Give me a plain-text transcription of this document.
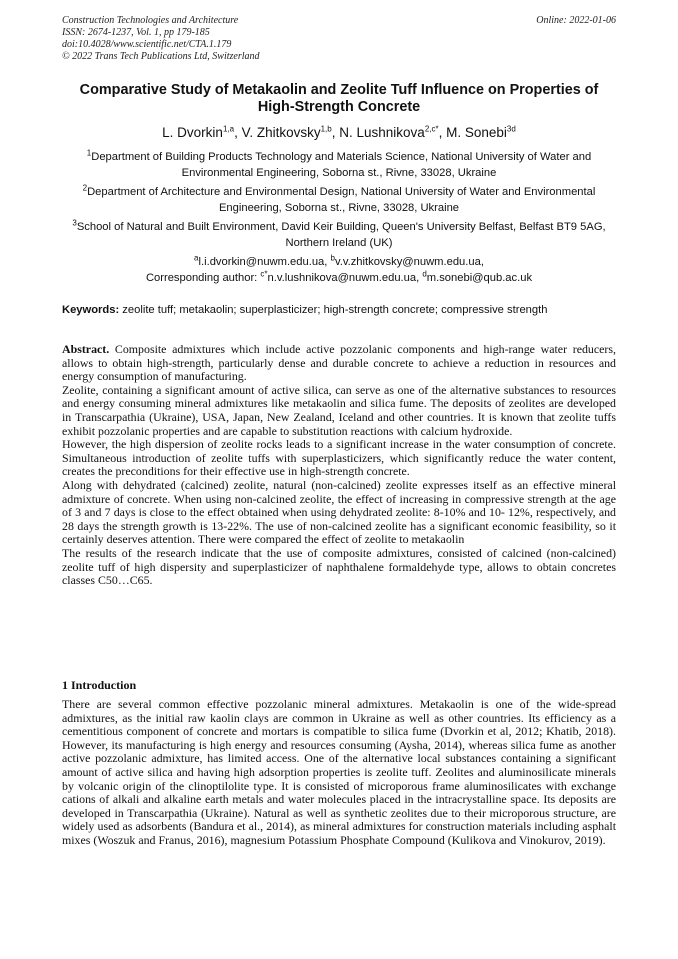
Construction Technologies and Architecture
ISSN: 2674-1237, Vol. 1, pp 179-185
doi:10.4028/www.scientific.net/CTA.1.179
© 2022 Trans Tech Publications Ltd, Switzerland
Online: 2022-01-06
Comparative Study of Metakaolin and Zeolite Tuff Influence on Properties of High-Strength Concrete
L. Dvorkin$^{1,a}$, V. Zhitkovsky$^{1,b}$, N. Lushnikova$^{2,c*}$, M. Sonebi$^{3d}$
$^1$Department of Building Products Technology and Materials Science, National University of Water and Environmental Engineering, Soborna st., Rivne, 33028, Ukraine
$^2$Department of Architecture and Environmental Design, National University of Water and Environmental Engineering, Soborna st., Rivne, 33028, Ukraine
$^3$School of Natural and Built Environment, David Keir Building, Queen's University Belfast, Belfast BT9 5AG, Northern Ireland (UK)
$^a$l.i.dvorkin@nuwm.edu.ua, $^b$v.v.zhitkovsky@nuwm.edu.ua,
Corresponding author: $^{c*}$n.v.lushnikova@nuwm.edu.ua, $^d$m.sonebi@qub.ac.uk
Keywords: zeolite tuff; metakaolin; superplasticizer; high-strength concrete; compressive strength

Abstract. Composite admixtures which include active pozzolanic components and high-range water reducers, allows to obtain high-strength, particularly dense and durable concrete to achieve a reduction in resources and energy consumption of manufacturing.

Zeolite, containing a significant amount of active silica, can serve as one of the alternative substances to resources and energy consuming mineral admixtures like metakaolin and silica fume. The deposits of zeolites are developed in Transcarpathia (Ukraine), USA, Japan, New Zealand, Iceland and other countries. It is known that zeolite tuffs exhibit pozzolanic properties and are capable to substitution reactions with calcium hydroxide.

However, the high dispersion of zeolite rocks leads to a significant increase in the water consumption of concrete. Simultaneous introduction of zeolite tuffs with superplasticizers, which significantly reduce the water content, creates the preconditions for their effective use in high-strength concrete.

Along with dehydrated (calcined) zeolite, natural (non-calcined) zeolite expresses itself as an effective mineral admixture of concrete. When using non-calcined zeolite, the effect of increasing in compressive strength at the age of 3 and 7 days is close to the effect obtained when using dehydrated zeolite: 8-10% and 10- 12%, respectively, and 28 days the strength growth is 13-22%. The use of non-calcined zeolite has a significant economic feasibility, so it certainly deserves attention. There were compared the effect of zeolite to metakaolin

The results of the research indicate that the use of composite admixtures, consisted of calcined (non-calcined) zeolite tuff of high dispersity and superplasticizer of naphthalene formaldehyde type, allows to obtain concretes classes C50…C65.

1 Introduction

There are several common effective pozzolanic mineral admixtures. Metakaolin is one of the wide-spread admixtures, as the initial raw kaolin clays are common in Ukraine as well as other countries. Its efficiency as a cementitious component of concrete and mortars is compatible to silica fume (Dvorkin et al, 2012; Khatib, 2018). However, its manufacturing is high energy and resources consuming (Aysha, 2014), whereas silica fume as another active pozzolanic admixture, has limited access. One of the alternative local substances containing a significant amount of active silica and having high adsorption properties is zeolite tuff. Zeolites and aluminosilicate minerals by volcanic origin of the clinoptilolite type. It is consisted of microporous frame aluminosilicates with exchange cations of alkali and alkaline earth metals and water molecules placed in the intracrystalline space. Its deposits are developed in Transcarpathia (Ukraine). Natural as well as synthetic zeolites due to their microporous structure, are widely used as adsorbents (Bandura et al., 2014), as mineral admixtures for construction materials including asphalt mixes (Woszuk and Franus, 2016), magnesium Potassium Phosphate Compound (Kulikova and Vinokurov, 2019).
